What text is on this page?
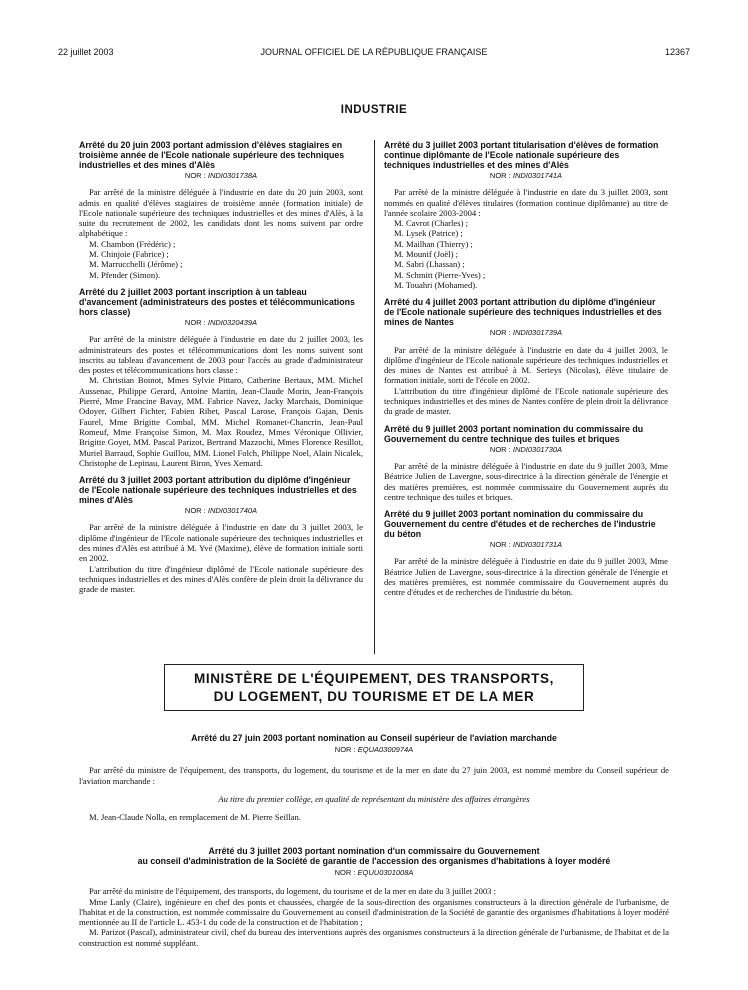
22 juillet 2003	JOURNAL OFFICIEL DE LA RÉPUBLIQUE FRANÇAISE	12367
INDUSTRIE

Arrêté du 20 juin 2003 portant admission d'élèves stagiaires en troisième année de l'Ecole nationale supérieure des techniques industrielles et des mines d'Alès

NOR : INDI0301738A

Par arrêté de la ministre déléguée à l'industrie en date du 20 juin 2003, sont admis en qualité d'élèves stagiaires de troisième année (formation initiale) de l'Ecole nationale supérieure des techniques industrielles et des mines d'Alès, à la suite du recrutement de 2002, les candidats dont les noms suivent par ordre alphabétique :

M. Chambon (Frédéric) ;
M. Chinjoie (Fabrice) ;
M. Marrucchelli (Jérôme) ;
M. Pfender (Simon).

Arrêté du 2 juillet 2003 portant inscription à un tableau d'avancement (administrateurs des postes et télécommunications hors classe)

NOR : INDI0320439A

Par arrêté de la ministre déléguée à l'industrie en date du 2 juillet 2003, les administrateurs des postes et télécommunications dont les noms suivent sont inscrits au tableau d'avancement de 2003 pour l'accès au grade d'administrateur des postes et télécommunications hors classe :

M. Christian Boinot, Mmes Sylvie Pittaro, Catherine Bertaux, MM. Michel Aussenac, Philippe Gerard, Antoine Martin, Jean-Claude Morin, Jean-François Pierré, Mme Francine Bavay, MM. Fabrice Navez, Jacky Marchais, Dominique Odoyer, Gilbert Fichter, Fabien Ribet, Pascal Larose, François Gajan, Denis Faurel, Mme Brigitte Combal, MM. Michel Romanet-Chancrin, Jean-Paul Romeuf, Mme Françoise Simon, M. Max Roudez, Mmes Véronique Ollivier, Brigitte Goyet, MM. Pascal Parizot, Bertrand Mazzochi, Mmes Florence Resillot, Muriel Barraud, Sophie Guillou, MM. Lionel Folch, Philippe Noel, Alain Nicalek, Christophe de Lepinau, Laurent Biron, Yves Xemard.

Arrêté du 3 juillet 2003 portant attribution du diplôme d'ingénieur de l'Ecole nationale supérieure des techniques industrielles et des mines d'Alès

NOR : INDI0301740A

Par arrêté de la ministre déléguée à l'industrie en date du 3 juillet 2003, le diplôme d'ingénieur de l'Ecole nationale supérieure des techniques industrielles et des mines d'Alès est attribué à M. Yvé (Maxime), élève de formation initiale sorti en 2002.

L'attribution du titre d'ingénieur diplômé de l'Ecole nationale supérieure des techniques industrielles et des mines d'Alès confère de plein droit la délivrance du grade de master.

Arrêté du 3 juillet 2003 portant titularisation d'élèves de formation continue diplômante de l'Ecole nationale supérieure des techniques industrielles et des mines d'Alès

NOR : INDI0301741A

Par arrêté de la ministre déléguée à l'industrie en date du 3 juillet 2003, sont nommés en qualité d'élèves titulaires (formation continue diplômante) au titre de l'année scolaire 2003-2004 :

M. Cavrot (Charles) ;
M. Lysek (Patrice) ;
M. Mailhan (Thierry) ;
M. Mounif (Joël) ;
M. Sabri (Lhassan) ;
M. Schmitt (Pierre-Yves) ;
M. Touahri (Mohamed).

Arrêté du 4 juillet 2003 portant attribution du diplôme d'ingénieur de l'Ecole nationale supérieure des techniques industrielles et des mines de Nantes

NOR : INDI0301739A

Par arrêté de la ministre déléguée à l'industrie en date du 4 juillet 2003, le diplôme d'ingénieur de l'Ecole nationale supérieure des techniques industrielles et des mines de Nantes est attribué à M. Serieys (Nicolas), élève titulaire de formation initiale, sorti de l'école en 2002.

L'attribution du titre d'ingénieur diplômé de l'Ecole nationale supérieure des techniques industrielles et des mines de Nantes confère de plein droit la délivrance du grade de master.

Arrêté du 9 juillet 2003 portant nomination du commissaire du Gouvernement du centre technique des tuiles et briques

NOR : INDI0301730A

Par arrêté de la ministre déléguée à l'industrie en date du 9 juillet 2003, Mme Béatrice Julien de Lavergne, sous-directrice à la direction générale de l'énergie et des matières premières, est nommée commissaire du Gouvernement auprès du centre technique des tuiles et briques.

Arrêté du 9 juillet 2003 portant nomination du commissaire du Gouvernement du centre d'études et de recherches de l'industrie du béton

NOR : INDI0301731A

Par arrêté de la ministre déléguée à l'industrie en date du 9 juillet 2003, Mme Béatrice Julien de Lavergne, sous-directrice à la direction générale de l'énergie et des matières premières, est nommée commissaire du Gouvernement auprès du centre d'études et de recherches de l'industrie du béton.

MINISTÈRE DE L'ÉQUIPEMENT, DES TRANSPORTS,
DU LOGEMENT, DU TOURISME ET DE LA MER
Arrêté du 27 juin 2003 portant nomination au Conseil supérieur de l'aviation marchande
NOR : EQUA0300974A

Par arrêté du ministre de l'équipement, des transports, du logement, du tourisme et de la mer en date du 27 juin 2003, est nommé membre du Conseil supérieur de l'aviation marchande :

Au titre du premier collège, en qualité de représentant du ministère des affaires étrangères

M. Jean-Claude Nolla, en remplacement de M. Pierre Seillan.

Arrêté du 3 juillet 2003 portant nomination d'un commissaire du Gouvernement
au conseil d'administration de la Société de garantie de l'accession des organismes d'habitations à loyer modéré
NOR : EQUU0301008A

Par arrêté du ministre de l'équipement, des transports, du logement, du tourisme et de la mer en date du 3 juillet 2003 :

Mme Lanly (Claire), ingénieure en chef des ponts et chaussées, chargée de la sous-direction des organismes constructeurs à la direction générale de l'urbanisme, de l'habitat et de la construction, est nommée commissaire du Gouvernement au conseil d'administration de la Société de garantie des organismes d'habitations à loyer modéré mentionnée au II de l'article L. 453-1 du code de la construction et de l'habitation ;

M. Parizot (Pascal), administrateur civil, chef du bureau des interventions auprès des organismes constructeurs à la direction générale de l'urbanisme, de l'habitat et de la construction est nommé suppléant.
